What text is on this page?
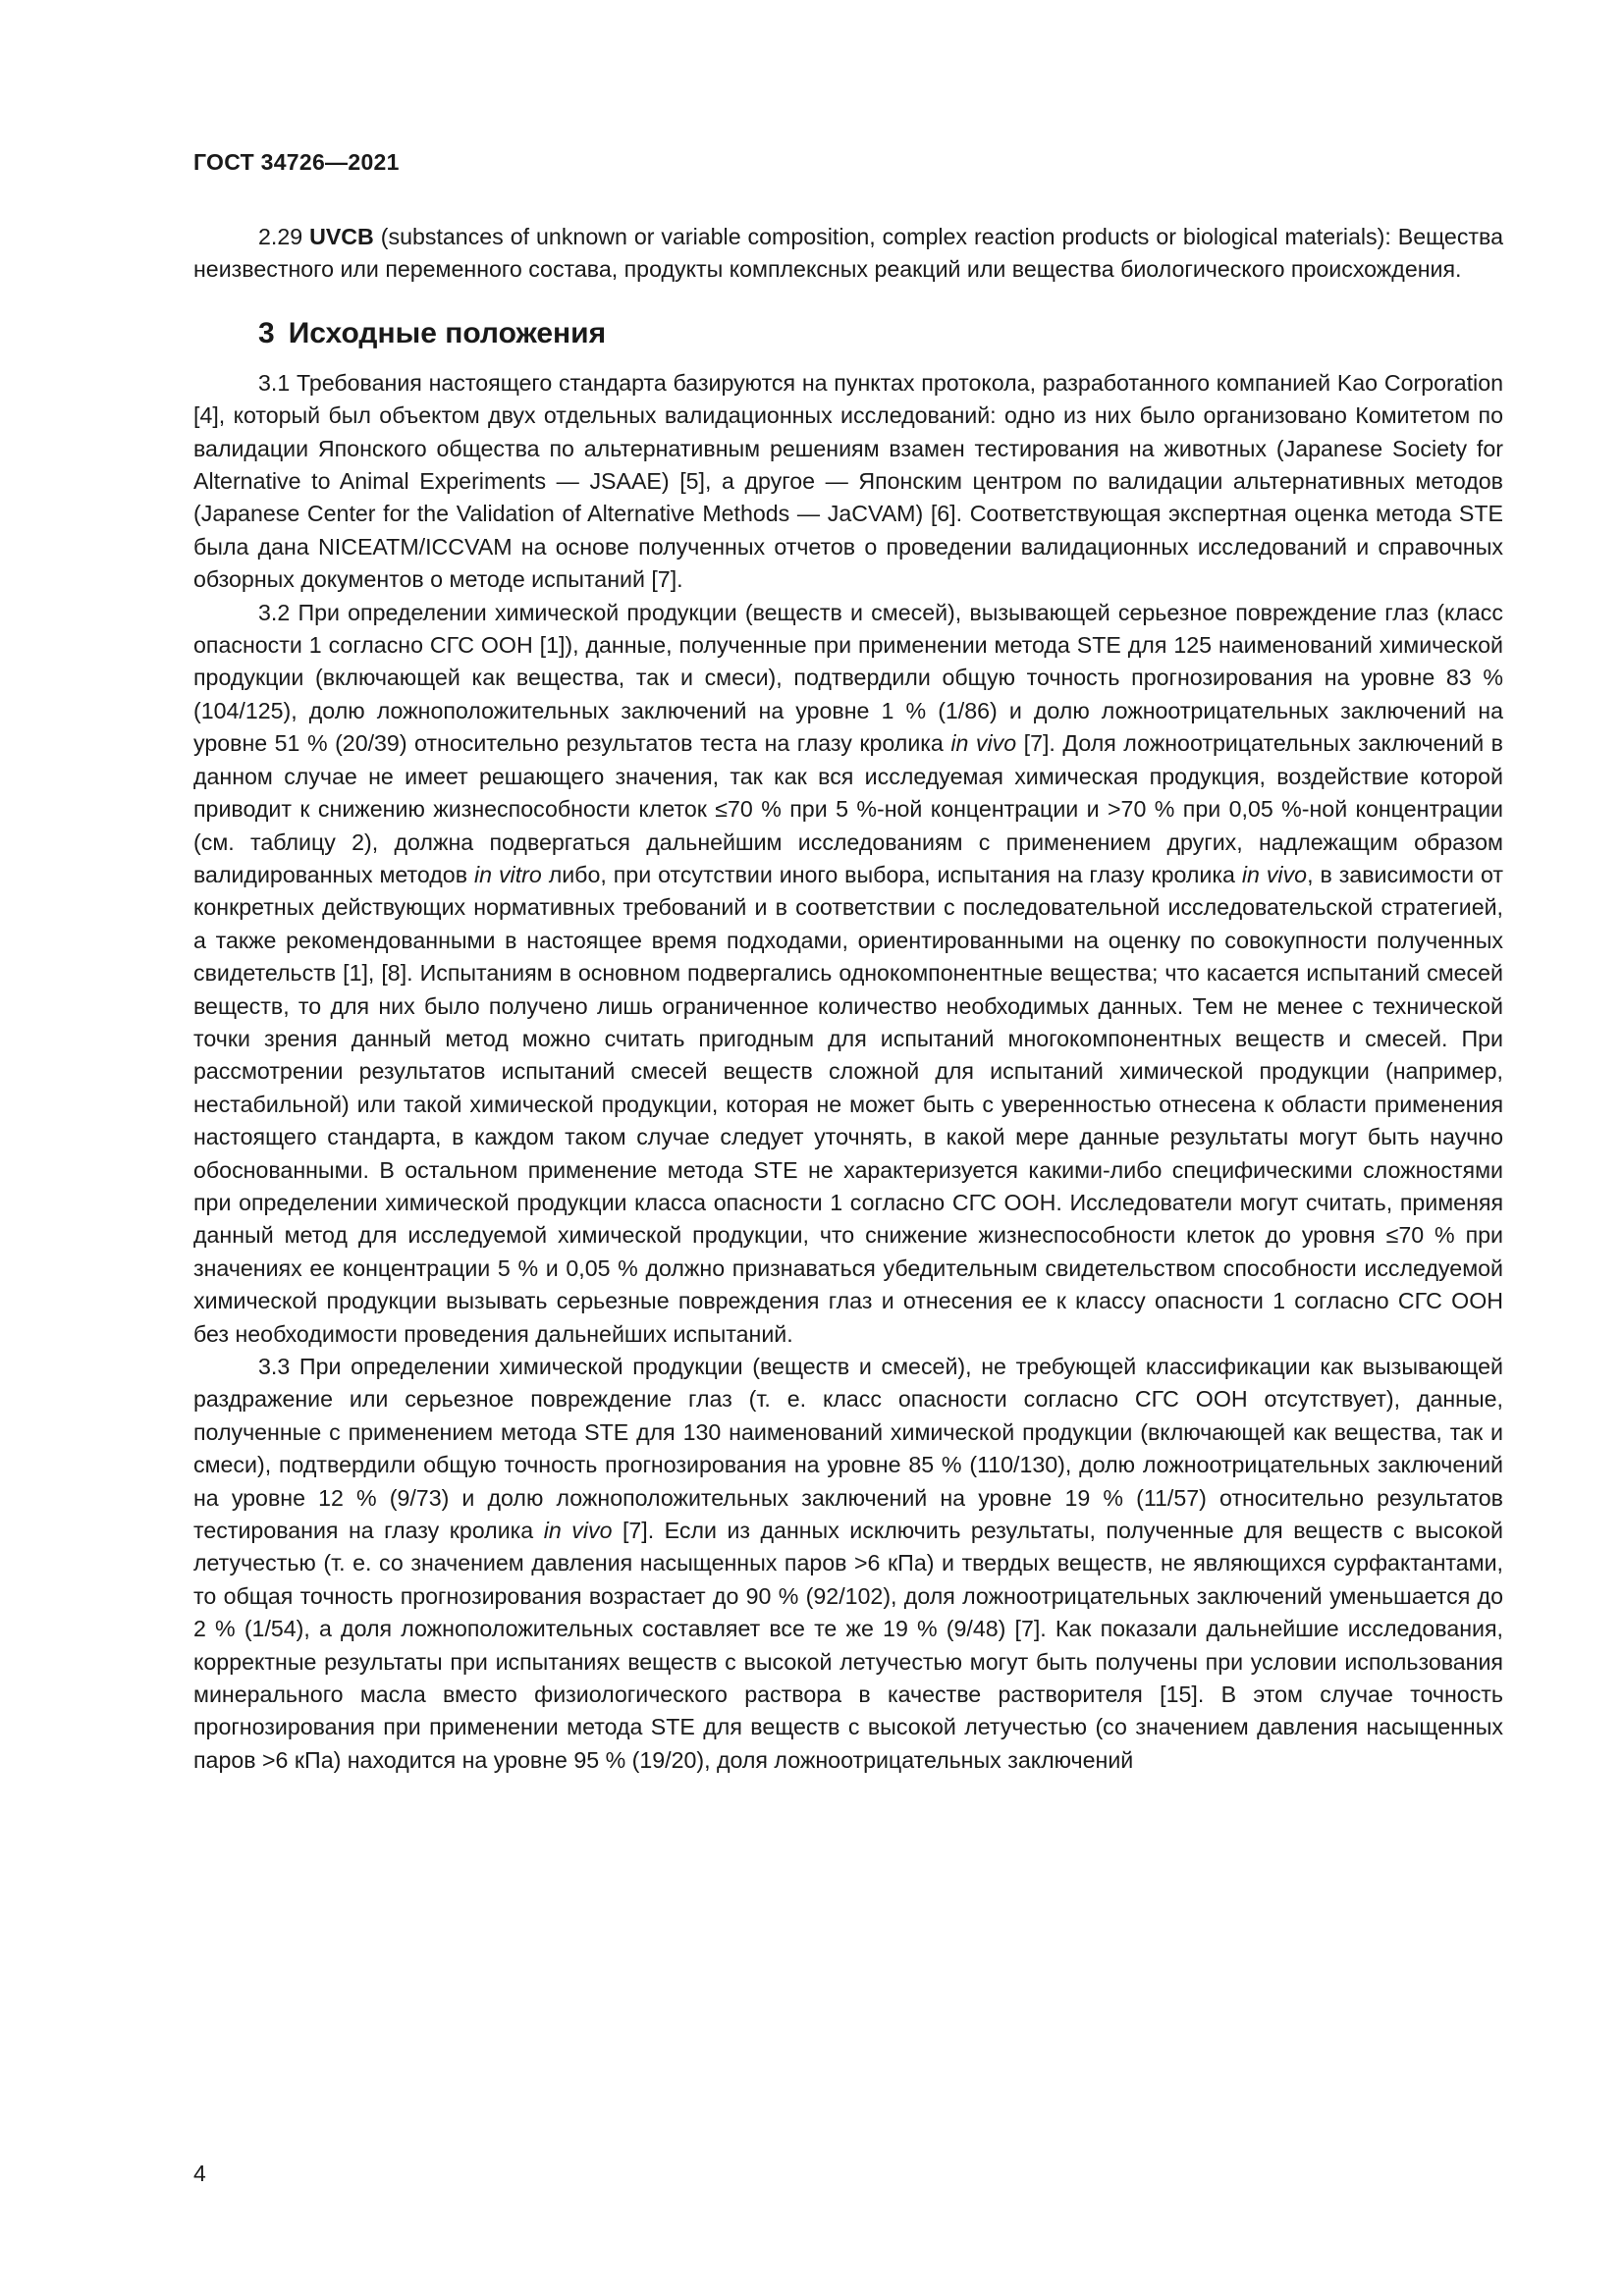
ГОСТ 34726—2021

2.29 UVCB (substances of unknown or variable composition, complex reaction products or biological materials): Вещества неизвестного или переменного состава, продукты комплексных реакций или вещества биологического происхождения.

3 Исходные положения

3.1 Требования настоящего стандарта базируются на пунктах протокола, разработанного компанией Kao Corporation [4], который был объектом двух отдельных валидационных исследований: одно из них было организовано Комитетом по валидации Японского общества по альтернативным решениям взамен тестирования на животных (Japanese Society for Alternative to Animal Experiments — JSAAE) [5], а другое — Японским центром по валидации альтернативных методов (Japanese Center for the Validation of Alternative Methods — JaCVAM) [6]. Соответствующая экспертная оценка метода STE была дана NICEATM/ICCVAM на основе полученных отчетов о проведении валидационных исследований и справочных обзорных документов о методе испытаний [7].

3.2 При определении химической продукции (веществ и смесей), вызывающей серьезное повреждение глаз (класс опасности 1 согласно СГС ООН [1]), данные, полученные при применении метода STE для 125 наименований химической продукции (включающей как вещества, так и смеси), подтвердили общую точность прогнозирования на уровне 83 % (104/125), долю ложноположительных заключений на уровне 1 % (1/86) и долю ложноотрицательных заключений на уровне 51 % (20/39) относительно результатов теста на глазу кролика in vivo [7]. Доля ложноотрицательных заключений в данном случае не имеет решающего значения, так как вся исследуемая химическая продукция, воздействие которой приводит к снижению жизнеспособности клеток ≤70 % при 5 %-ной концентрации и >70 % при 0,05 %-ной концентрации (см. таблицу 2), должна подвергаться дальнейшим исследованиям с применением других, надлежащим образом валидированных методов in vitro либо, при отсутствии иного выбора, испытания на глазу кролика in vivo, в зависимости от конкретных действующих нормативных требований и в соответствии с последовательной исследовательской стратегией, а также рекомендованными в настоящее время подходами, ориентированными на оценку по совокупности полученных свидетельств [1], [8]. Испытаниям в основном подвергались однокомпонентные вещества; что касается испытаний смесей веществ, то для них было получено лишь ограниченное количество необходимых данных. Тем не менее с технической точки зрения данный метод можно считать пригодным для испытаний многокомпонентных веществ и смесей. При рассмотрении результатов испытаний смесей веществ сложной для испытаний химической продукции (например, нестабильной) или такой химической продукции, которая не может быть с уверенностью отнесена к области применения настоящего стандарта, в каждом таком случае следует уточнять, в какой мере данные результаты могут быть научно обоснованными. В остальном применение метода STE не характеризуется какими-либо специфическими сложностями при определении химической продукции класса опасности 1 согласно СГС ООН. Исследователи могут считать, применяя данный метод для исследуемой химической продукции, что снижение жизнеспособности клеток до уровня ≤70 % при значениях ее концентрации 5 % и 0,05 % должно признаваться убедительным свидетельством способности исследуемой химической продукции вызывать серьезные повреждения глаз и отнесения ее к классу опасности 1 согласно СГС ООН без необходимости проведения дальнейших испытаний.

3.3 При определении химической продукции (веществ и смесей), не требующей классификации как вызывающей раздражение или серьезное повреждение глаз (т. е. класс опасности согласно СГС ООН отсутствует), данные, полученные с применением метода STE для 130 наименований химической продукции (включающей как вещества, так и смеси), подтвердили общую точность прогнозирования на уровне 85 % (110/130), долю ложноотрицательных заключений на уровне 12 % (9/73) и долю ложноположительных заключений на уровне 19 % (11/57) относительно результатов тестирования на глазу кролика in vivo [7]. Если из данных исключить результаты, полученные для веществ с высокой летучестью (т. е. со значением давления насыщенных паров >6 кПа) и твердых веществ, не являющихся сурфактантами, то общая точность прогнозирования возрастает до 90 % (92/102), доля ложноотрицательных заключений уменьшается до 2 % (1/54), а доля ложноположительных составляет все те же 19 % (9/48) [7]. Как показали дальнейшие исследования, корректные результаты при испытаниях веществ с высокой летучестью могут быть получены при условии использования минерального масла вместо физиологического раствора в качестве растворителя [15]. В этом случае точность прогнозирования при применении метода STE для веществ с высокой летучестью (со значением давления насыщенных паров >6 кПа) находится на уровне 95 % (19/20), доля ложноотрицательных заключений

4
